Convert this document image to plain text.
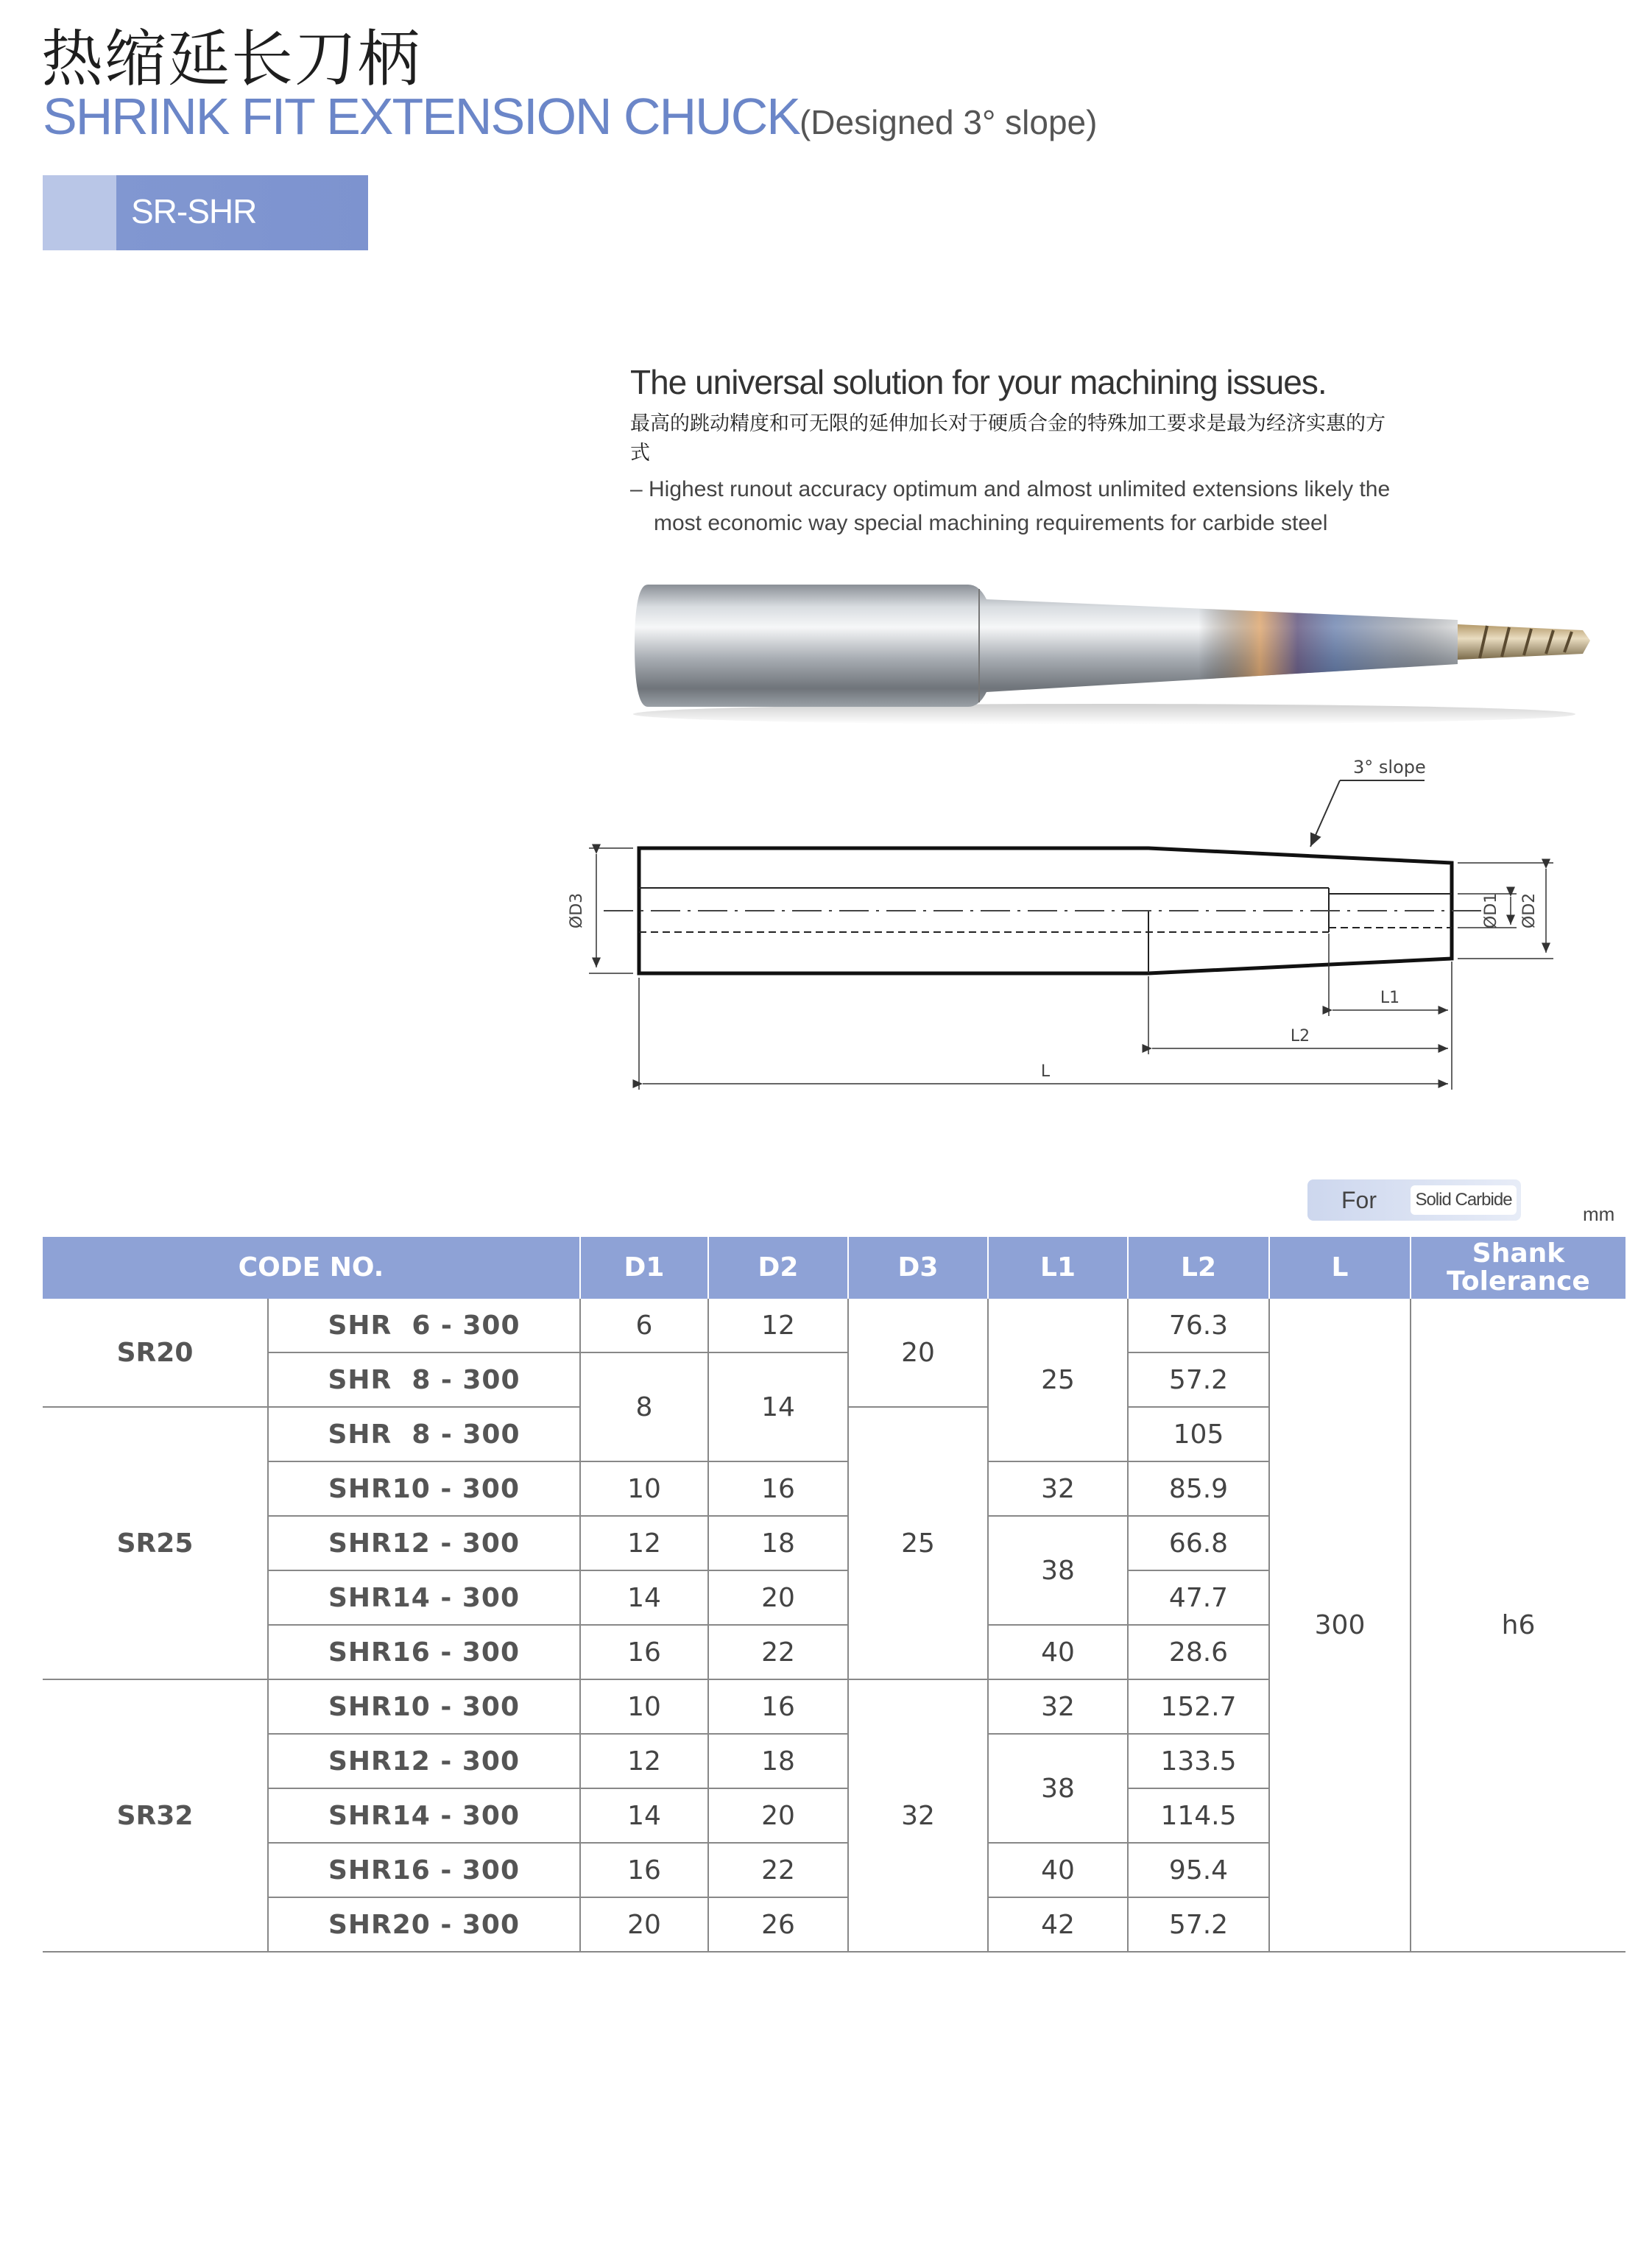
热缩延长刀柄
SHRINK FIT EXTENSION CHUCK(Designed 3° slope)
SR-SHR
The universal solution for your machining issues.
最高的跳动精度和可无限的延伸加长对于硬质合金的特殊加工要求是最为经济实惠的方式
– Highest runout accuracy optimum and almost unlimited extensions likely the
most economic way special machining requirements for carbide steel
3° slope
ØD3	ØD1 ØD2
L1
L2
L
For Solid Carbide
mm
CODE NO.		D1	D2	D3	L1	L2	L	Shank
Tolerance

SR20	SHR  6 - 300	6	12	20	25	76.3	300	h6
	SHR  8 - 300	8	14			57.2		
SR25	SHR  8 - 300			25		105		
	SHR10 - 300	10	16		32	85.9		
	SHR12 - 300	12	18		38	66.8		
	SHR14 - 300	14	20			47.7		
	SHR16 - 300	16	22		40	28.6		
SR32	SHR10 - 300	10	16	32	32	152.7		
	SHR12 - 300	12	18		38	133.5		
	SHR14 - 300	14	20			114.5		
	SHR16 - 300	16	22		40	95.4		
	SHR20 - 300	20	26		42	57.2		
